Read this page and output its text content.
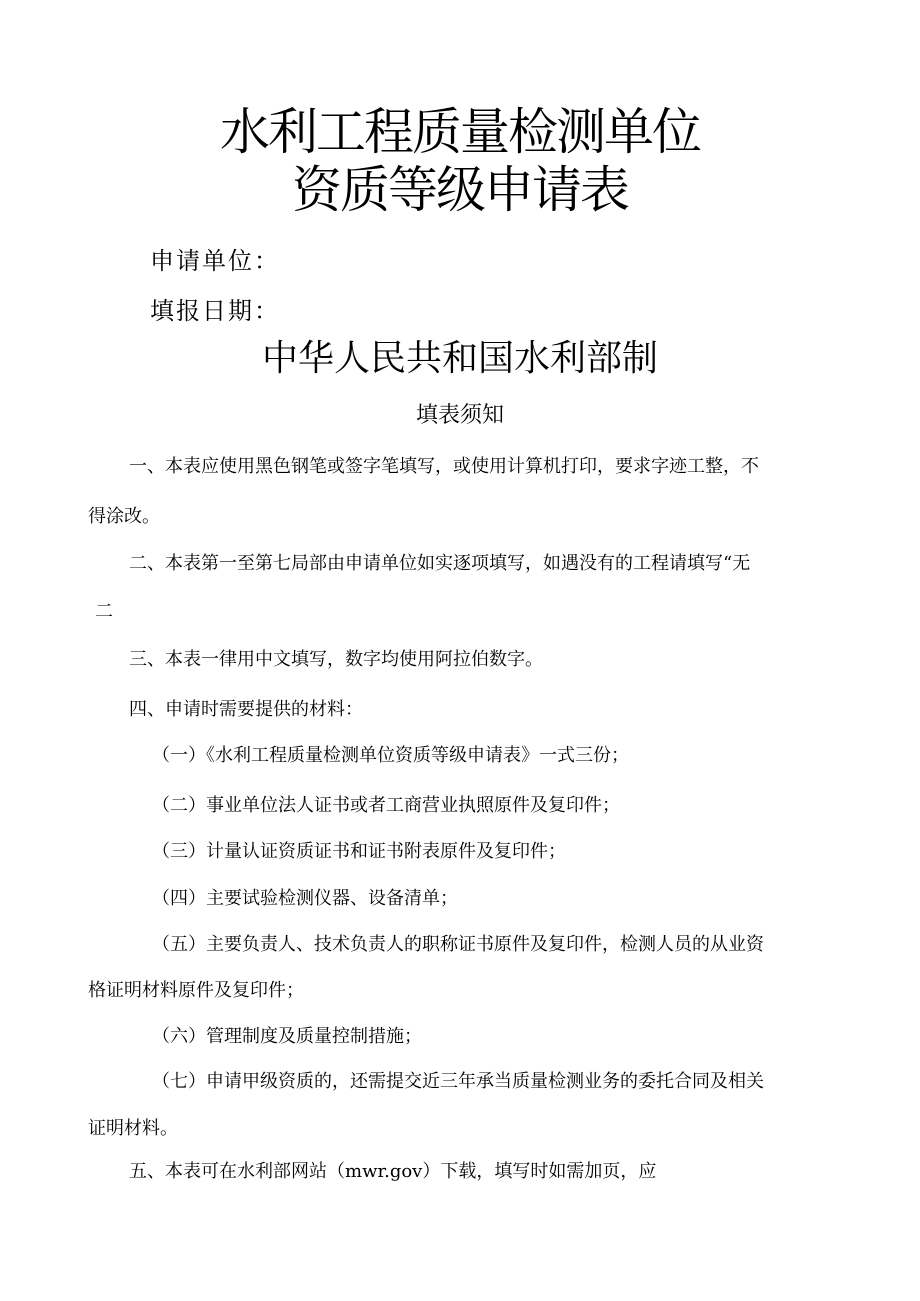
水利工程质量检测单位
资质等级申请表
申请单位：
填报日期：
中华人民共和国水利部制
填表须知
一、本表应使用黑色钢笔或签字笔填写，或使用计算机打印，要求字迹工整，不
得涂改。
二、本表第一至第七局部由申请单位如实逐项填写，如遇没有的工程请填写“无
二
三、本表一律用中文填写，数字均使用阿拉伯数字。
四、申请时需要提供的材料：
（一）《水利工程质量检测单位资质等级申请表》一式三份；
（二）事业单位法人证书或者工商营业执照原件及复印件；
（三）计量认证资质证书和证书附表原件及复印件；
（四）主要试验检测仪器、设备清单；
（五）主要负责人、技术负责人的职称证书原件及复印件，检测人员的从业资
格证明材料原件及复印件；
（六）管理制度及质量控制措施；
（七）申请甲级资质的，还需提交近三年承当质量检测业务的委托合同及相关
证明材料。
五、本表可在水利部网站（mwr.gov）下载，填写时如需加页，应
